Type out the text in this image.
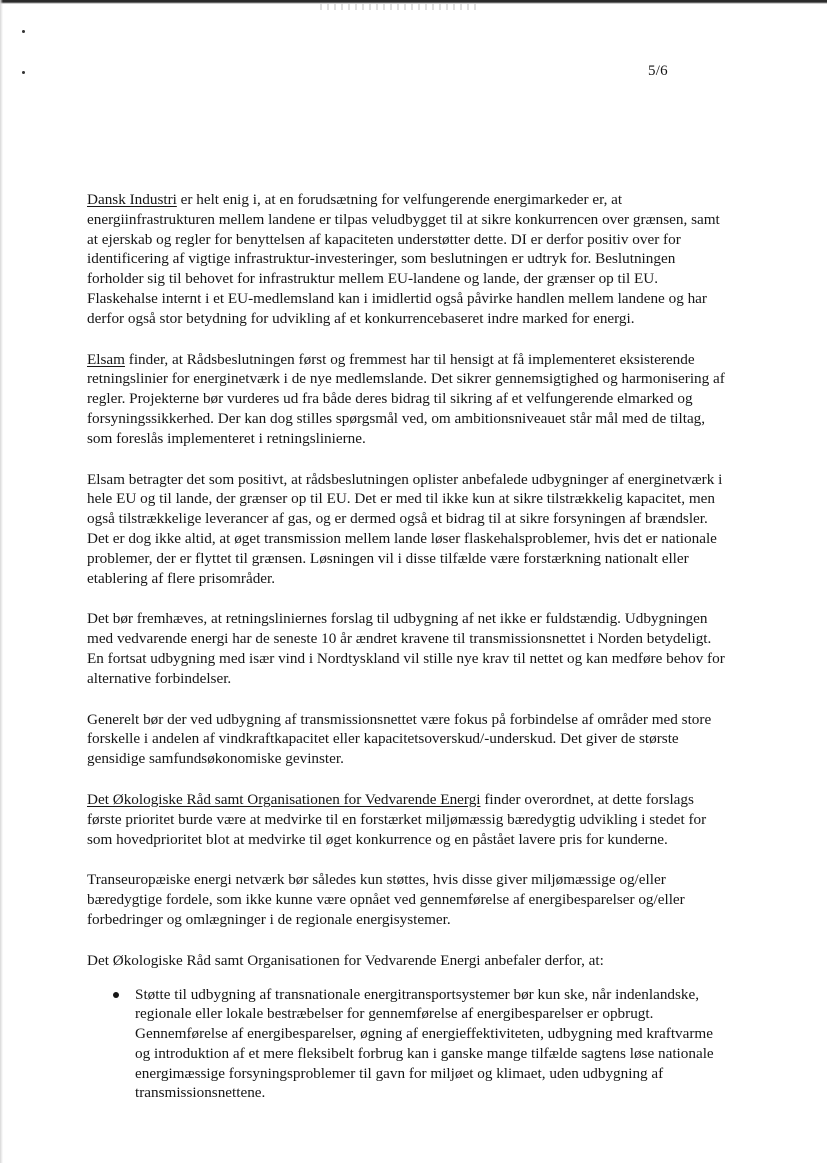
5/6

Dansk Industri er helt enig i, at en forudsætning for velfungerende energimarkeder er, at energiinfrastrukturen mellem landene er tilpas veludbygget til at sikre konkurrencen over grænsen, samt at ejerskab og regler for benyttelsen af kapaciteten understøtter dette. DI er derfor positiv over for identificering af vigtige infrastruktur-investeringer, som beslutningen er udtryk for. Beslutningen forholder sig til behovet for infrastruktur mellem EU-landene og lande, der grænser op til EU. Flaskehalse internt i et EU-medlemsland kan i imidlertid også påvirke handlen mellem landene og har derfor også stor betydning for udvikling af et konkurrencebaseret indre marked for energi.

Elsam finder, at Rådsbeslutningen først og fremmest har til hensigt at få implementeret eksisterende retningslinier for energinetværk i de nye medlemslande. Det sikrer gennemsigtighed og harmonisering af regler. Projekterne bør vurderes ud fra både deres bidrag til sikring af et velfungerende elmarked og forsyningssikkerhed. Der kan dog stilles spørgsmål ved, om ambitionsniveauet står mål med de tiltag, som foreslås implementeret i retningslinierne.

Elsam betragter det som positivt, at rådsbeslutningen oplister anbefalede udbygninger af energinetværk i hele EU og til lande, der grænser op til EU. Det er med til ikke kun at sikre tilstrækkelig kapacitet, men også tilstrækkelige leverancer af gas, og er dermed også et bidrag til at sikre forsyningen af brændsler. Det er dog ikke altid, at øget transmission mellem lande løser flaskehalsproblemer, hvis det er nationale problemer, der er flyttet til grænsen. Løsningen vil i disse tilfælde være forstærkning nationalt eller etablering af flere prisområder.

Det bør fremhæves, at retningsliniernes forslag til udbygning af net ikke er fuldstændig. Udbygningen med vedvarende energi har de seneste 10 år ændret kravene til transmissionsnettet i Norden betydeligt. En fortsat udbygning med især vind i Nordtyskland vil stille nye krav til nettet og kan medføre behov for alternative forbindelser.

Generelt bør der ved udbygning af transmissionsnettet være fokus på forbindelse af områder med store forskelle i andelen af vindkraftkapacitet eller kapacitetsoverskud/-underskud. Det giver de største gensidige samfundsøkonomiske gevinster.

Det Økologiske Råd samt Organisationen for Vedvarende Energi finder overordnet, at dette forslags første prioritet burde være at medvirke til en forstærket miljømæssig bæredygtig udvikling i stedet for som hovedprioritet blot at medvirke til øget konkurrence og en påstået lavere pris for kunderne.

Transeuropæiske energi netværk bør således kun støttes, hvis disse giver miljømæssige og/eller bæredygtige fordele, som ikke kunne være opnået ved gennemførelse af energibesparelser og/eller forbedringer og omlægninger i de regionale energisystemer.

Det Økologiske Råd samt Organisationen for Vedvarende Energi anbefaler derfor, at:

Støtte til udbygning af transnationale energitransportsystemer bør kun ske, når indenlandske, regionale eller lokale bestræbelser for gennemførelse af energibesparelser er opbrugt. Gennemførelse af energibesparelser, øgning af energieffektiviteten, udbygning med kraftvarme og introduktion af et mere fleksibelt forbrug kan i ganske mange tilfælde sagtens løse nationale energimæssige forsyningsproblemer til gavn for miljøet og klimaet, uden udbygning af transmissionsnettene.
